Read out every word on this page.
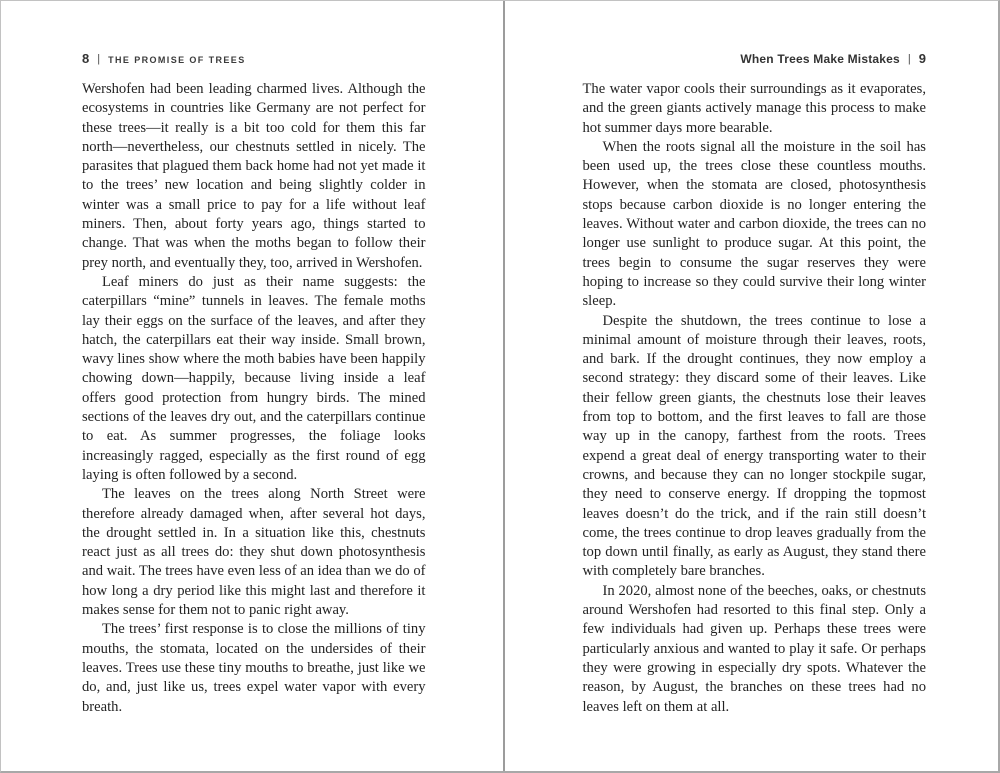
8 | THE PROMISE OF TREES

Wershofen had been leading charmed lives. Although the ecosystems in countries like Germany are not perfect for these trees—it really is a bit too cold for them this far north—nevertheless, our chestnuts settled in nicely. The parasites that plagued them back home had not yet made it to the trees’ new location and being slightly colder in winter was a small price to pay for a life without leaf miners. Then, about forty years ago, things started to change. That was when the moths began to follow their prey north, and eventually they, too, arrived in Wershofen.

Leaf miners do just as their name suggests: the caterpillars “mine” tunnels in leaves. The female moths lay their eggs on the surface of the leaves, and after they hatch, the caterpillars eat their way inside. Small brown, wavy lines show where the moth babies have been happily chowing down—happily, because living inside a leaf offers good protection from hungry birds. The mined sections of the leaves dry out, and the caterpillars continue to eat. As summer progresses, the foliage looks increasingly ragged, especially as the first round of egg laying is often followed by a second.

The leaves on the trees along North Street were therefore already damaged when, after several hot days, the drought settled in. In a situation like this, chestnuts react just as all trees do: they shut down photosynthesis and wait. The trees have even less of an idea than we do of how long a dry period like this might last and therefore it makes sense for them not to panic right away.

The trees’ first response is to close the millions of tiny mouths, the stomata, located on the undersides of their leaves. Trees use these tiny mouths to breathe, just like we do, and, just like us, trees expel water vapor with every breath.

When Trees Make Mistakes | 9

The water vapor cools their surroundings as it evaporates, and the green giants actively manage this process to make hot summer days more bearable.

When the roots signal all the moisture in the soil has been used up, the trees close these countless mouths. However, when the stomata are closed, photosynthesis stops because carbon dioxide is no longer entering the leaves. Without water and carbon dioxide, the trees can no longer use sunlight to produce sugar. At this point, the trees begin to consume the sugar reserves they were hoping to increase so they could survive their long winter sleep.

Despite the shutdown, the trees continue to lose a minimal amount of moisture through their leaves, roots, and bark. If the drought continues, they now employ a second strategy: they discard some of their leaves. Like their fellow green giants, the chestnuts lose their leaves from top to bottom, and the first leaves to fall are those way up in the canopy, farthest from the roots. Trees expend a great deal of energy transporting water to their crowns, and because they can no longer stockpile sugar, they need to conserve energy. If dropping the topmost leaves doesn’t do the trick, and if the rain still doesn’t come, the trees continue to drop leaves gradually from the top down until finally, as early as August, they stand there with completely bare branches.

In 2020, almost none of the beeches, oaks, or chestnuts around Wershofen had resorted to this final step. Only a few individuals had given up. Perhaps these trees were particularly anxious and wanted to play it safe. Or perhaps they were growing in especially dry spots. Whatever the reason, by August, the branches on these trees had no leaves left on them at all.
